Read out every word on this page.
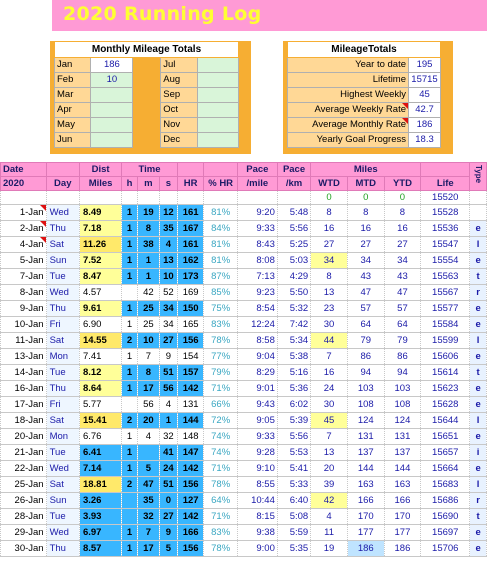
2020 Running Log
Monthly Mileage Totals				
Jan	186		Jul	
Feb	10		Aug	
Mar			Sep	
Apr			Oct	
May			Nov	
Jun			Dec	
MileageTotals	
Year to date	195
Lifetime	15715
Highest Weekly	45
Average Weekly Rate	42.7
Average Monthly Rate	186
Yearly Goal Progress	18.3
Date		Dist	Time					Pace	Pace	Miles				Type
2020	Day	Miles	h	m	s	HR	% HR	/mile	/km	WTD	MTD	YTD	Life	
										0	0	0	15520	
1-Jan	Wed	8.49	1	19	12	161	81%	9:20	5:48	8	8	8	15528	
2-Jan	Thu	7.18	1	8	35	167	84%	9:33	5:56	16	16	16	15536	e
4-Jan	Sat	11.26	1	38	4	161	81%	8:43	5:25	27	27	27	15547	l
5-Jan	Sun	7.52	1	1	13	162	81%	8:08	5:03	34	34	34	15554	e
7-Jan	Tue	8.47	1	1	10	173	87%	7:13	4:29	8	43	43	15563	t
8-Jan	Wed	4.57		42	52	169	85%	9:23	5:50	13	47	47	15567	r
9-Jan	Thu	9.61	1	25	34	150	75%	8:54	5:32	23	57	57	15577	e
10-Jan	Fri	6.90	1	25	34	165	83%	12:24	7:42	30	64	64	15584	e
11-Jan	Sat	14.55	2	10	27	156	78%	8:58	5:34	44	79	79	15599	l
13-Jan	Mon	7.41	1	7	9	154	77%	9:04	5:38	7	86	86	15606	e
14-Jan	Tue	8.12	1	8	51	157	79%	8:29	5:16	16	94	94	15614	t
16-Jan	Thu	8.64	1	17	56	142	71%	9:01	5:36	24	103	103	15623	e
17-Jan	Fri	5.77		56	4	131	66%	9:43	6:02	30	108	108	15628	e
18-Jan	Sat	15.41	2	20	1	144	72%	9:05	5:39	45	124	124	15644	l
20-Jan	Mon	6.76	1	4	32	148	74%	9:33	5:56	7	131	131	15651	e
21-Jan	Tue	6.41	1		41	147	74%	9:28	5:53	13	137	137	15657	i
22-Jan	Wed	7.14	1	5	24	142	71%	9:10	5:41	20	144	144	15664	e
25-Jan	Sat	18.81	2	47	51	156	78%	8:55	5:33	39	163	163	15683	l
26-Jan	Sun	3.26		35	0	127	64%	10:44	6:40	42	166	166	15686	r
28-Jan	Tue	3.93		32	27	142	71%	8:15	5:08	4	170	170	15690	t
29-Jan	Wed	6.97	1	7	9	166	83%	9:38	5:59	11	177	177	15697	e
30-Jan	Thu	8.57	1	17	5	156	78%	9:00	5:35	19	186	186	15706	e
